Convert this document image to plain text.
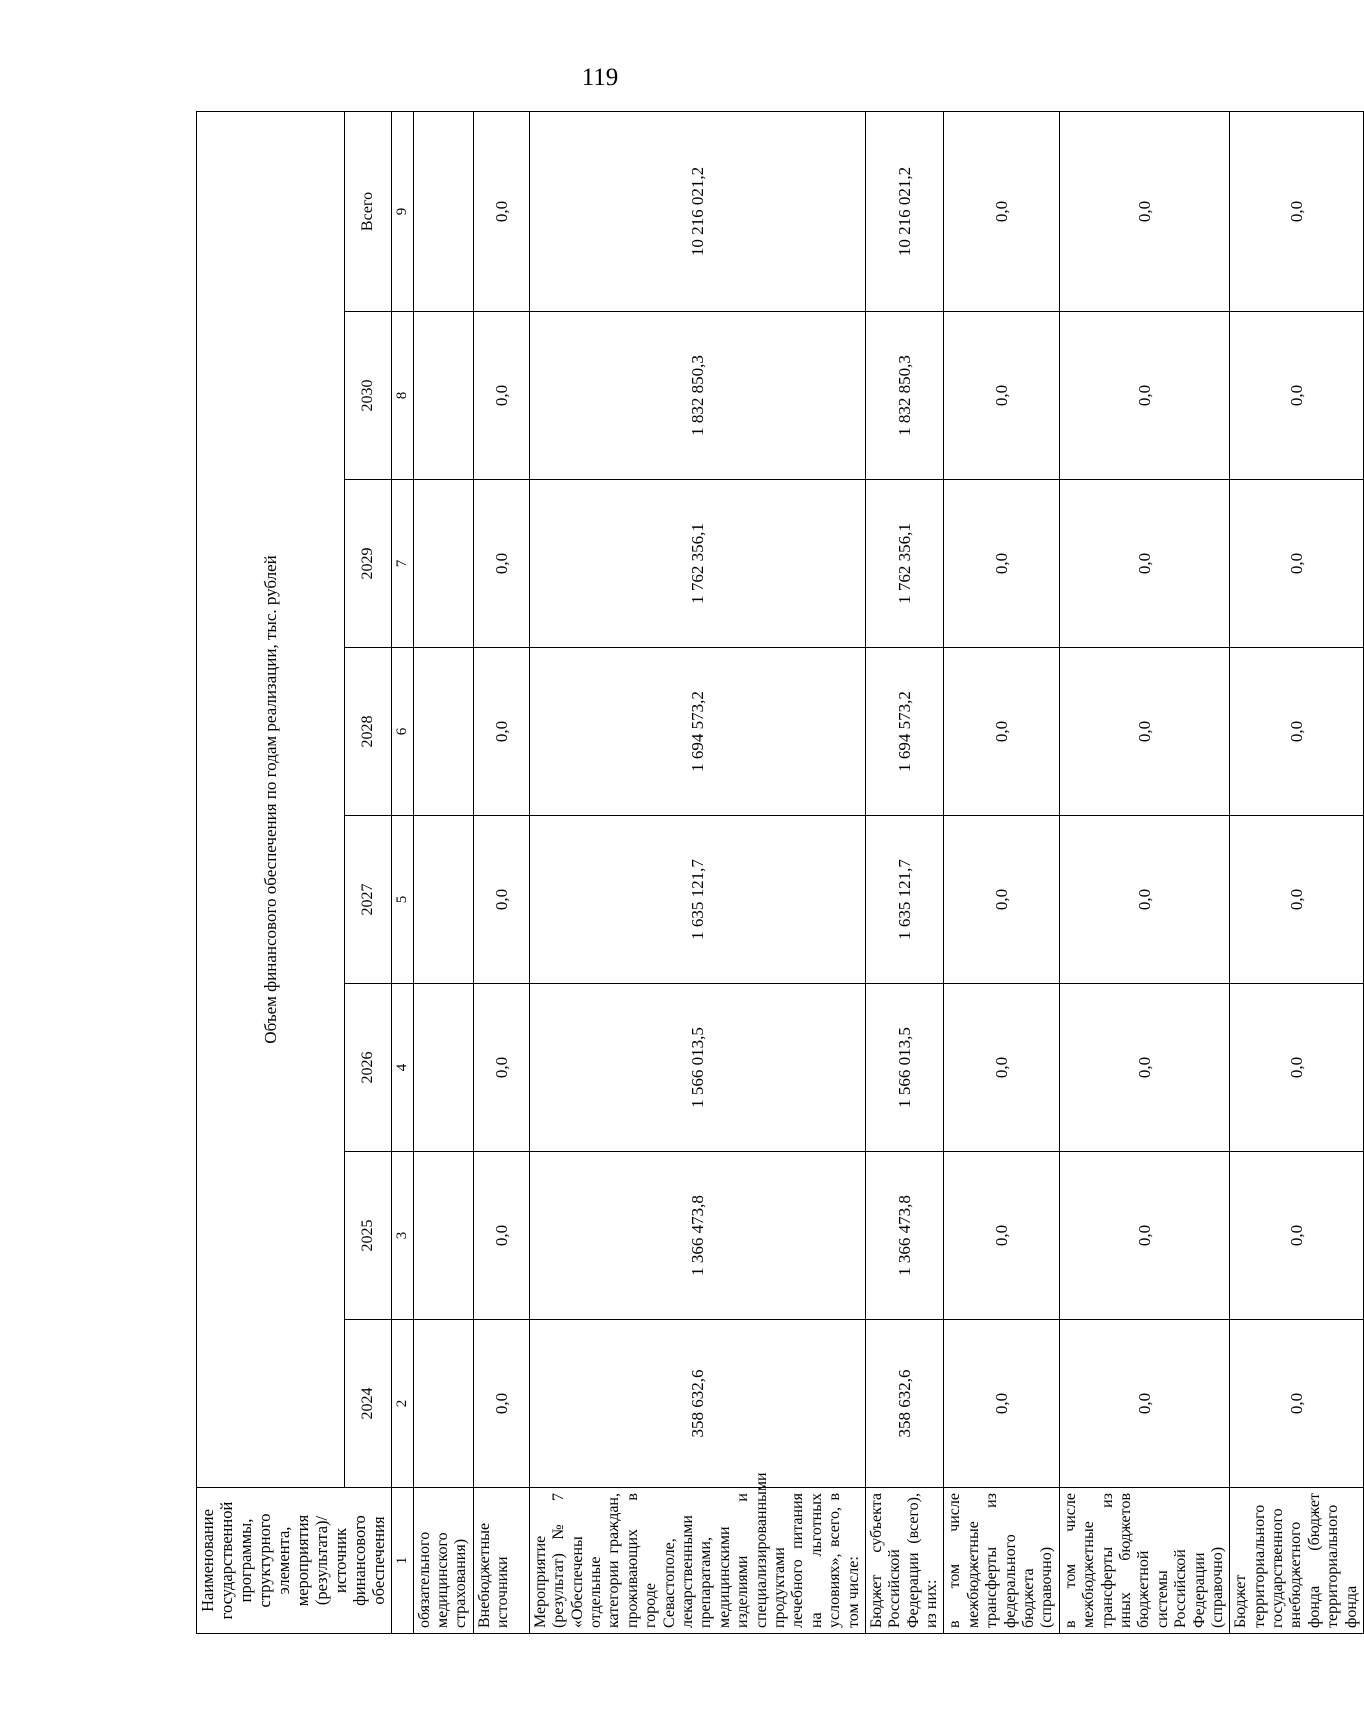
119
Наименование государственной программы, структурного элемента, мероприятия (результата)/источник финансового обеспечения	Объем финансового обеспечения по годам реализации, тыс. рублей							
	2024	2025	2026	2027	2028	2029	2030	Всего
1	2	3	4	5	6	7	8	9
обязательного медицинского страхования)								
Внебюджетные источники	0,0	0,0	0,0	0,0	0,0	0,0	0,0	0,0
Мероприятие (результат) № 7 «Обеспечены отдельные категории граждан, проживающих в городе Севастополе, лекарственными препаратами, медицинскими изделиями и специализированными продуктами лечебного питания на льготных условиях», всего, в том числе:	358 632,6	1 366 473,8	1 566 013,5	1 635 121,7	1 694 573,2	1 762 356,1	1 832 850,3	10 216 021,2
Бюджет субъекта Российской Федерации (всего), из них:	358 632,6	1 366 473,8	1 566 013,5	1 635 121,7	1 694 573,2	1 762 356,1	1 832 850,3	10 216 021,2
в том числе межбюджетные трансферты из федерального бюджета (справочно)	0,0	0,0	0,0	0,0	0,0	0,0	0,0	0,0
в том числе межбюджетные трансферты из иных бюджетов бюджетной системы Российской Федерации (справочно)	0,0	0,0	0,0	0,0	0,0	0,0	0,0	0,0
Бюджет территориального государственного внебюджетного фонда (бюджет территориального фонда	0,0	0,0	0,0	0,0	0,0	0,0	0,0	0,0
